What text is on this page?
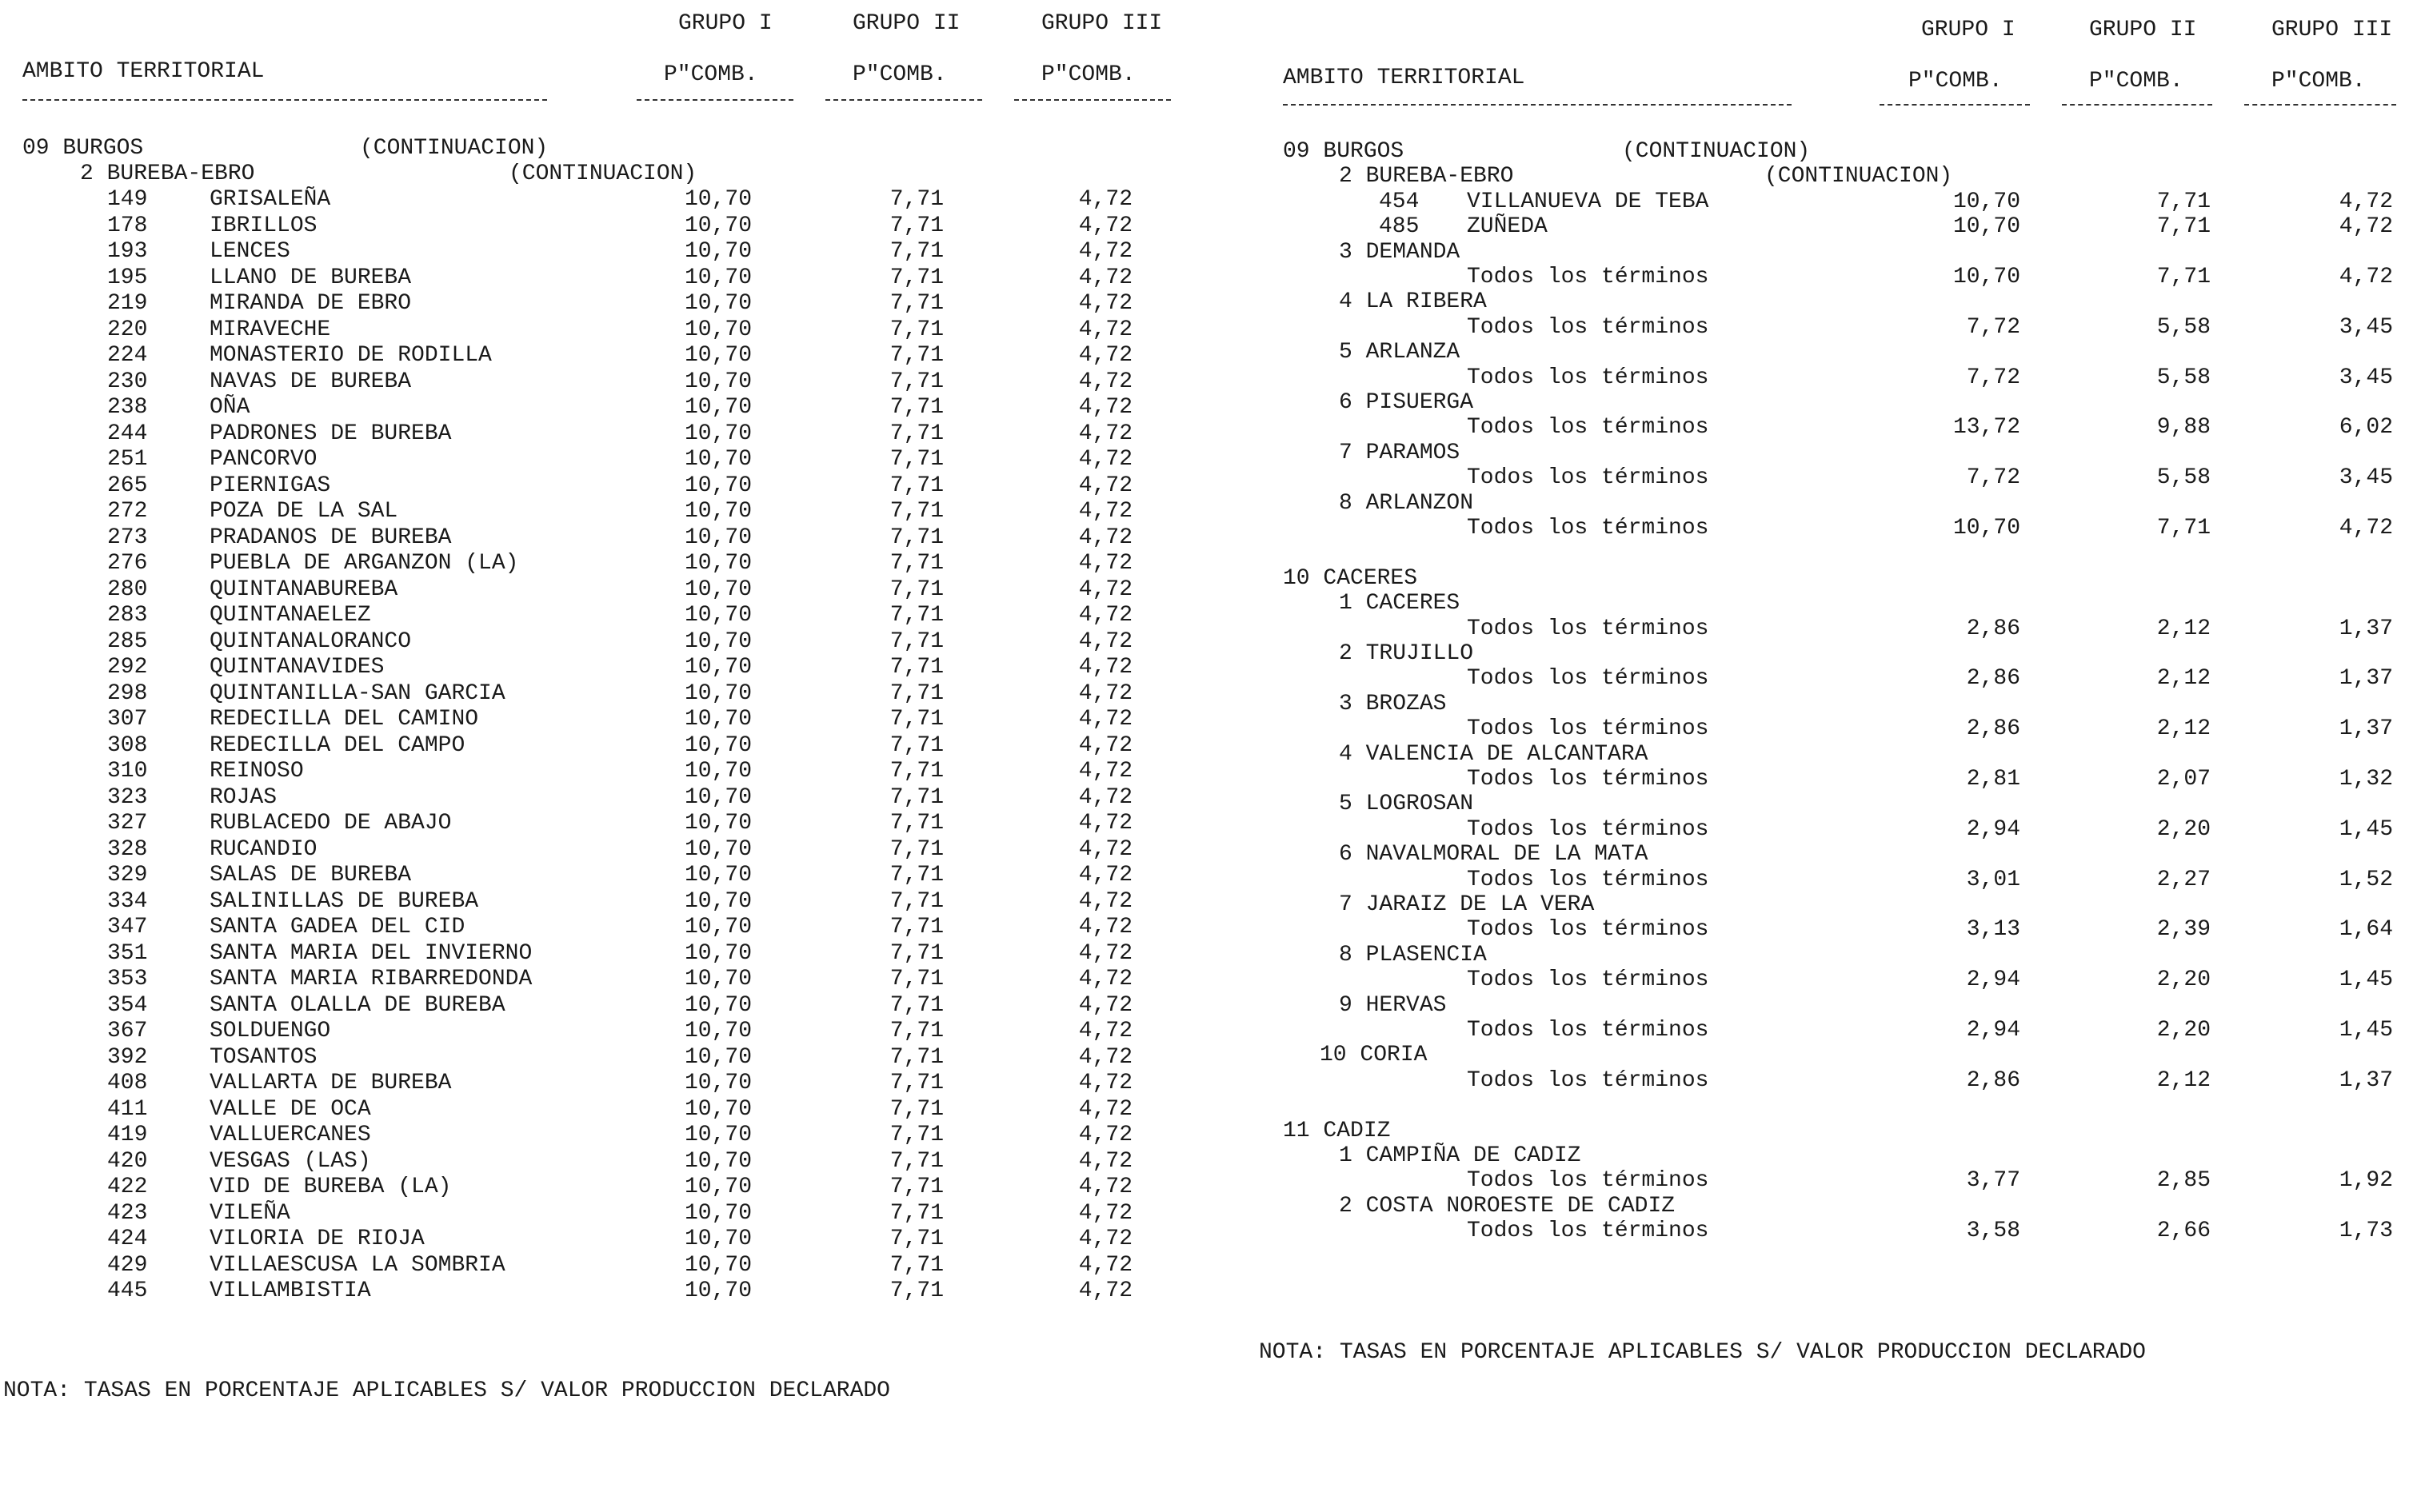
GRUPO I	GRUPO II	GRUPO III
AMBITO TERRITORIAL	P"COMB.	P"COMB.	P"COMB.
09 BURGOS	(CONTINUACION)
2 BUREBA-EBRO	(CONTINUACION)
149	GRISALEÑA	10,70	7,71	4,72
178	IBRILLOS	10,70	7,71	4,72
193	LENCES	10,70	7,71	4,72
195	LLANO DE BUREBA	10,70	7,71	4,72
219	MIRANDA DE EBRO	10,70	7,71	4,72
220	MIRAVECHE	10,70	7,71	4,72
224	MONASTERIO DE RODILLA	10,70	7,71	4,72
230	NAVAS DE BUREBA	10,70	7,71	4,72
238	OÑA	10,70	7,71	4,72
244	PADRONES DE BUREBA	10,70	7,71	4,72
251	PANCORVO	10,70	7,71	4,72
265	PIERNIGAS	10,70	7,71	4,72
272	POZA DE LA SAL	10,70	7,71	4,72
273	PRADANOS DE BUREBA	10,70	7,71	4,72
276	PUEBLA DE ARGANZON (LA)	10,70	7,71	4,72
280	QUINTANABUREBA	10,70	7,71	4,72
283	QUINTANAELEZ	10,70	7,71	4,72
285	QUINTANALORANCO	10,70	7,71	4,72
292	QUINTANAVIDES	10,70	7,71	4,72
298	QUINTANILLA-SAN GARCIA	10,70	7,71	4,72
307	REDECILLA DEL CAMINO	10,70	7,71	4,72
308	REDECILLA DEL CAMPO	10,70	7,71	4,72
310	REINOSO	10,70	7,71	4,72
323	ROJAS	10,70	7,71	4,72
327	RUBLACEDO DE ABAJO	10,70	7,71	4,72
328	RUCANDIO	10,70	7,71	4,72
329	SALAS DE BUREBA	10,70	7,71	4,72
334	SALINILLAS DE BUREBA	10,70	7,71	4,72
347	SANTA GADEA DEL CID	10,70	7,71	4,72
351	SANTA MARIA DEL INVIERNO	10,70	7,71	4,72
353	SANTA MARIA RIBARREDONDA	10,70	7,71	4,72
354	SANTA OLALLA DE BUREBA	10,70	7,71	4,72
367	SOLDUENGO	10,70	7,71	4,72
392	TOSANTOS	10,70	7,71	4,72
408	VALLARTA DE BUREBA	10,70	7,71	4,72
411	VALLE DE OCA	10,70	7,71	4,72
419	VALLUERCANES	10,70	7,71	4,72
420	VESGAS (LAS)	10,70	7,71	4,72
422	VID DE BUREBA (LA)	10,70	7,71	4,72
423	VILEÑA	10,70	7,71	4,72
424	VILORIA DE RIOJA	10,70	7,71	4,72
429	VILLAESCUSA LA SOMBRIA	10,70	7,71	4,72
445	VILLAMBISTIA	10,70	7,71	4,72
NOTA: TASAS EN PORCENTAJE APLICABLES S/ VALOR PRODUCCION DECLARADO
GRUPO I	GRUPO II	GRUPO III
AMBITO TERRITORIAL	P"COMB.	P"COMB.	P"COMB.
09 BURGOS	(CONTINUACION)
2 BUREBA-EBRO	(CONTINUACION)
454 VILLANUEVA DE TEBA	10,70	7,71	4,72
485 ZUÑEDA	10,70	7,71	4,72
3 DEMANDA
Todos los términos	10,70	7,71	4,72
4 LA RIBERA
Todos los términos	7,72	5,58	3,45
5 ARLANZA
Todos los términos	7,72	5,58	3,45
6 PISUERGA
Todos los términos	13,72	9,88	6,02
7 PARAMOS
Todos los términos	7,72	5,58	3,45
8 ARLANZON
Todos los términos	10,70	7,71	4,72
10 CACERES
1 CACERES
Todos los términos	2,86	2,12	1,37
2 TRUJILLO
Todos los términos	2,86	2,12	1,37
3 BROZAS
Todos los términos	2,86	2,12	1,37
4 VALENCIA DE ALCANTARA
Todos los términos	2,81	2,07	1,32
5 LOGROSAN
Todos los términos	2,94	2,20	1,45
6 NAVALMORAL DE LA MATA
Todos los términos	3,01	2,27	1,52
7 JARAIZ DE LA VERA
Todos los términos	3,13	2,39	1,64
8 PLASENCIA
Todos los términos	2,94	2,20	1,45
9 HERVAS
Todos los términos	2,94	2,20	1,45
10 CORIA
Todos los términos	2,86	2,12	1,37
11 CADIZ
1 CAMPIÑA DE CADIZ
Todos los términos	3,77	2,85	1,92
2 COSTA NOROESTE DE CADIZ
Todos los términos	3,58	2,66	1,73
NOTA: TASAS EN PORCENTAJE APLICABLES S/ VALOR PRODUCCION DECLARADO
